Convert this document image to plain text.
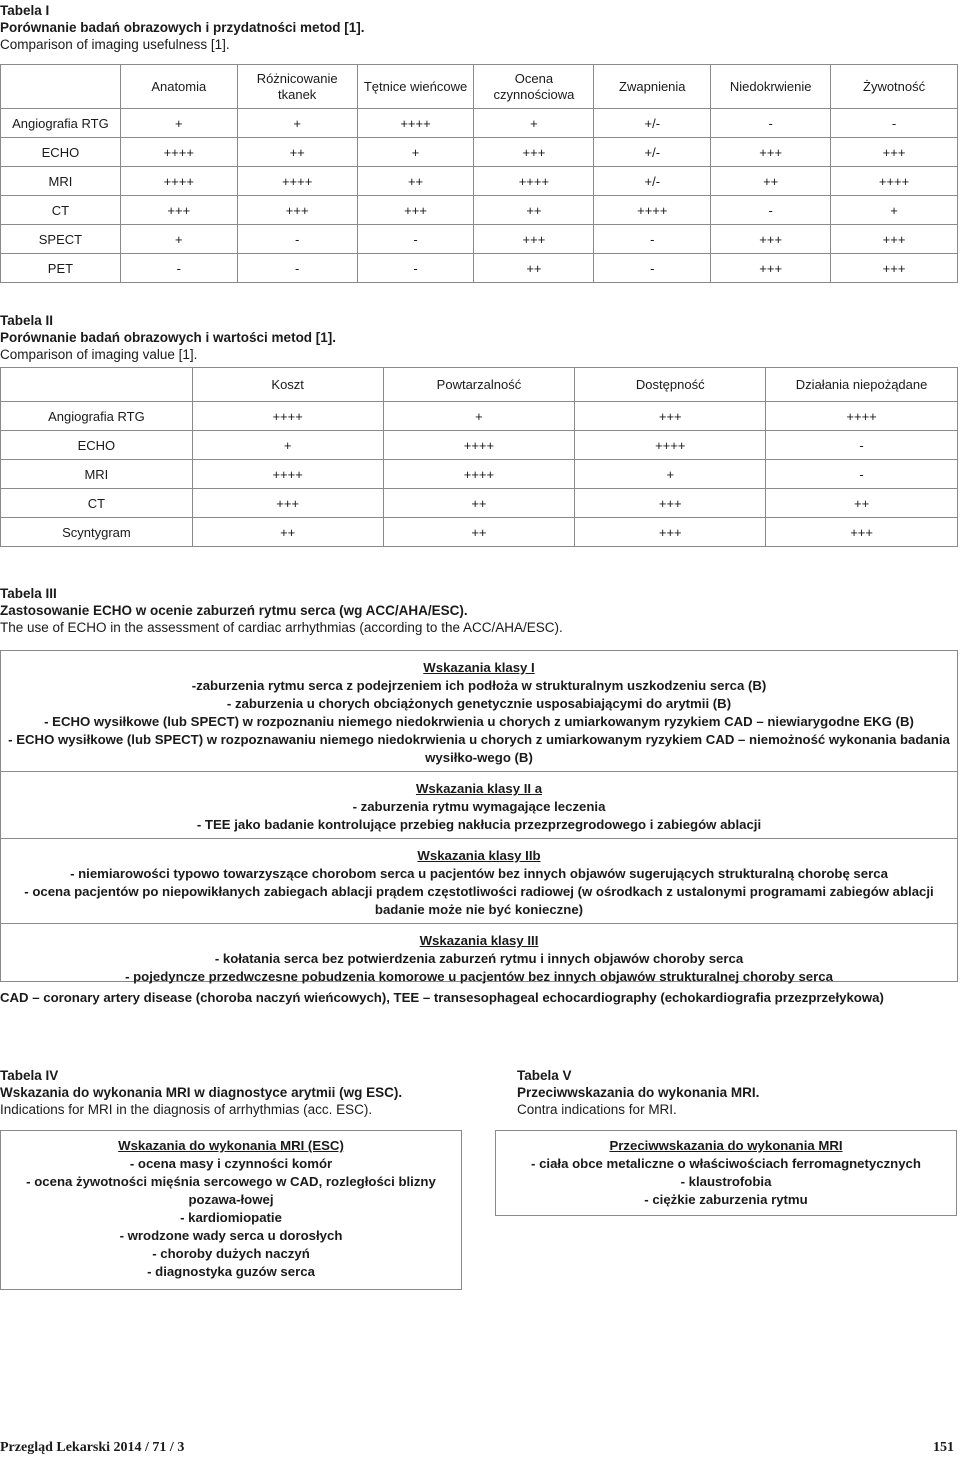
Tabela I
Porównanie badań obrazowych i przydatności metod [1].
Comparison of imaging usefulness [1].
	Anatomia	Różnicowanie tkanek	Tętnice wieńcowe	Ocena czynnościowa	Zwapnienia	Niedokrwienie	Żywotność
Angiografia RTG	+	+	++++	+	+/-	-	-
ECHO	++++	++	+	+++	+/-	+++	+++
MRI	++++	++++	++	++++	+/-	++	++++
CT	+++	+++	+++	++	++++	-	+
SPECT	+	-	-	+++	-	+++	+++
PET	-	-	-	++	-	+++	+++
Tabela II
Porównanie badań obrazowych i wartości metod [1].
Comparison of imaging value [1].
	Koszt	Powtarzalność	Dostępność	Działania niepożądane
Angiografia RTG	++++	+	+++	++++
ECHO	+	++++	++++	-
MRI	++++	++++	+	-
CT	+++	++	+++	++
Scyntygram	++	++	+++	+++
Tabela III
Zastosowanie ECHO w ocenie zaburzeń rytmu serca (wg ACC/AHA/ESC).
The use of ECHO in the assessment of cardiac arrhythmias (according to the ACC/AHA/ESC).
Wskazania klasy I
-zaburzenia rytmu serca z podejrzeniem ich podłoża w strukturalnym uszkodzeniu serca (B)
- zaburzenia u chorych obciążonych genetycznie usposabiającymi do arytmii (B)
- ECHO wysiłkowe (lub SPECT) w rozpoznaniu niemego niedokrwienia u chorych z umiarkowanym ryzykiem CAD – niewiarygodne EKG (B)
- ECHO wysiłkowe (lub SPECT) w rozpoznawaniu niemego niedokrwienia u chorych z umiarkowanym ryzykiem CAD – niemożność wykonania badania wysiłko-wego (B)
Wskazania klasy II a
- zaburzenia rytmu wymagające leczenia
- TEE jako badanie kontrolujące przebieg nakłucia przezprzegrodowego i zabiegów ablacji
Wskazania klasy IIb
- niemiarowości typowo towarzyszące chorobom serca u pacjentów bez innych objawów sugerujących strukturalną chorobę serca
- ocena pacjentów po niepowikłanych zabiegach ablacji prądem częstotliwości radiowej (w ośrodkach z ustalonymi programami zabiegów ablacji badanie może nie być konieczne)
Wskazania klasy III
- kołatania serca bez potwierdzenia zaburzeń rytmu i innych objawów choroby serca
- pojedyncze przedwczesne pobudzenia komorowe u pacjentów bez innych objawów strukturalnej choroby serca
CAD – coronary artery disease (choroba naczyń wieńcowych), TEE – transesophageal echocardiography (echokardiografia przezprzełykowa)
Tabela IV
Wskazania do wykonania MRI w diagnostyce arytmii (wg ESC).
Indications for MRI in the diagnosis of arrhythmias (acc. ESC).
Wskazania do wykonania MRI (ESC)
- ocena masy i czynności komór
- ocena żywotności mięśnia sercowego w CAD, rozległości blizny pozawa-łowej
- kardiomiopatie
- wrodzone wady serca u dorosłych
- choroby dużych naczyń
- diagnostyka guzów serca
Tabela V
Przeciwwskazania do wykonania MRI.
Contra indications for MRI.
Przeciwwskazania do wykonania MRI
- ciała obce metaliczne o właściwościach ferromagnetycznych
- klaustrofobia
- ciężkie zaburzenia rytmu
Przegląd Lekarski 2014 / 71 / 3	151
